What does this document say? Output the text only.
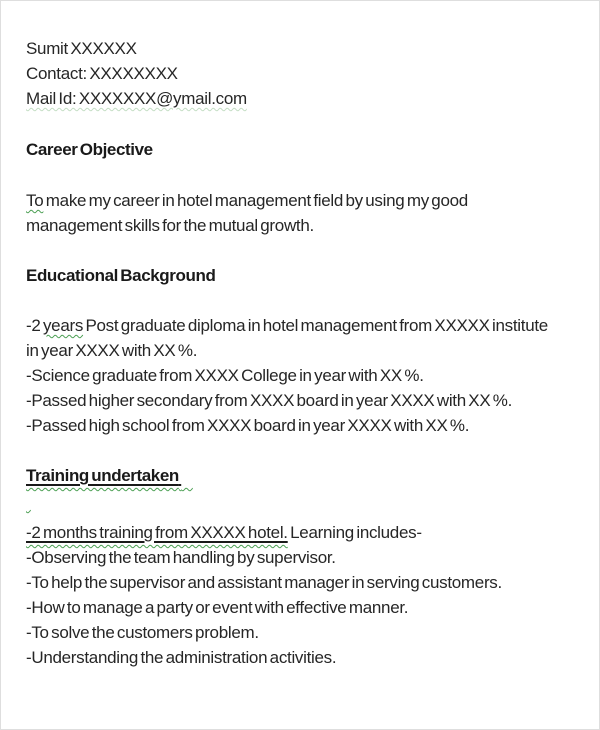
Sumit XXXXXX
Contact: XXXXXXXX
Mail Id: XXXXXXX@ymail.com
Career Objective
To make my career in hotel management field by using my good
management skills for the mutual growth.
Educational Background
-2 years Post graduate diploma in hotel management from XXXXX institute
in year XXXX with XX %.
-Science graduate from XXXX College in year with XX %.
-Passed higher secondary from XXXX board in year XXXX with XX %.
-Passed high school from XXXX board in year XXXX with XX %.
Training undertaken

-2 months training from XXXXX hotel. Learning includes-
-Observing the team handling by supervisor.
-To help the supervisor and assistant manager in serving customers.
-How to manage a party or event with effective manner.
-To solve the customers problem.
-Understanding the administration activities.
